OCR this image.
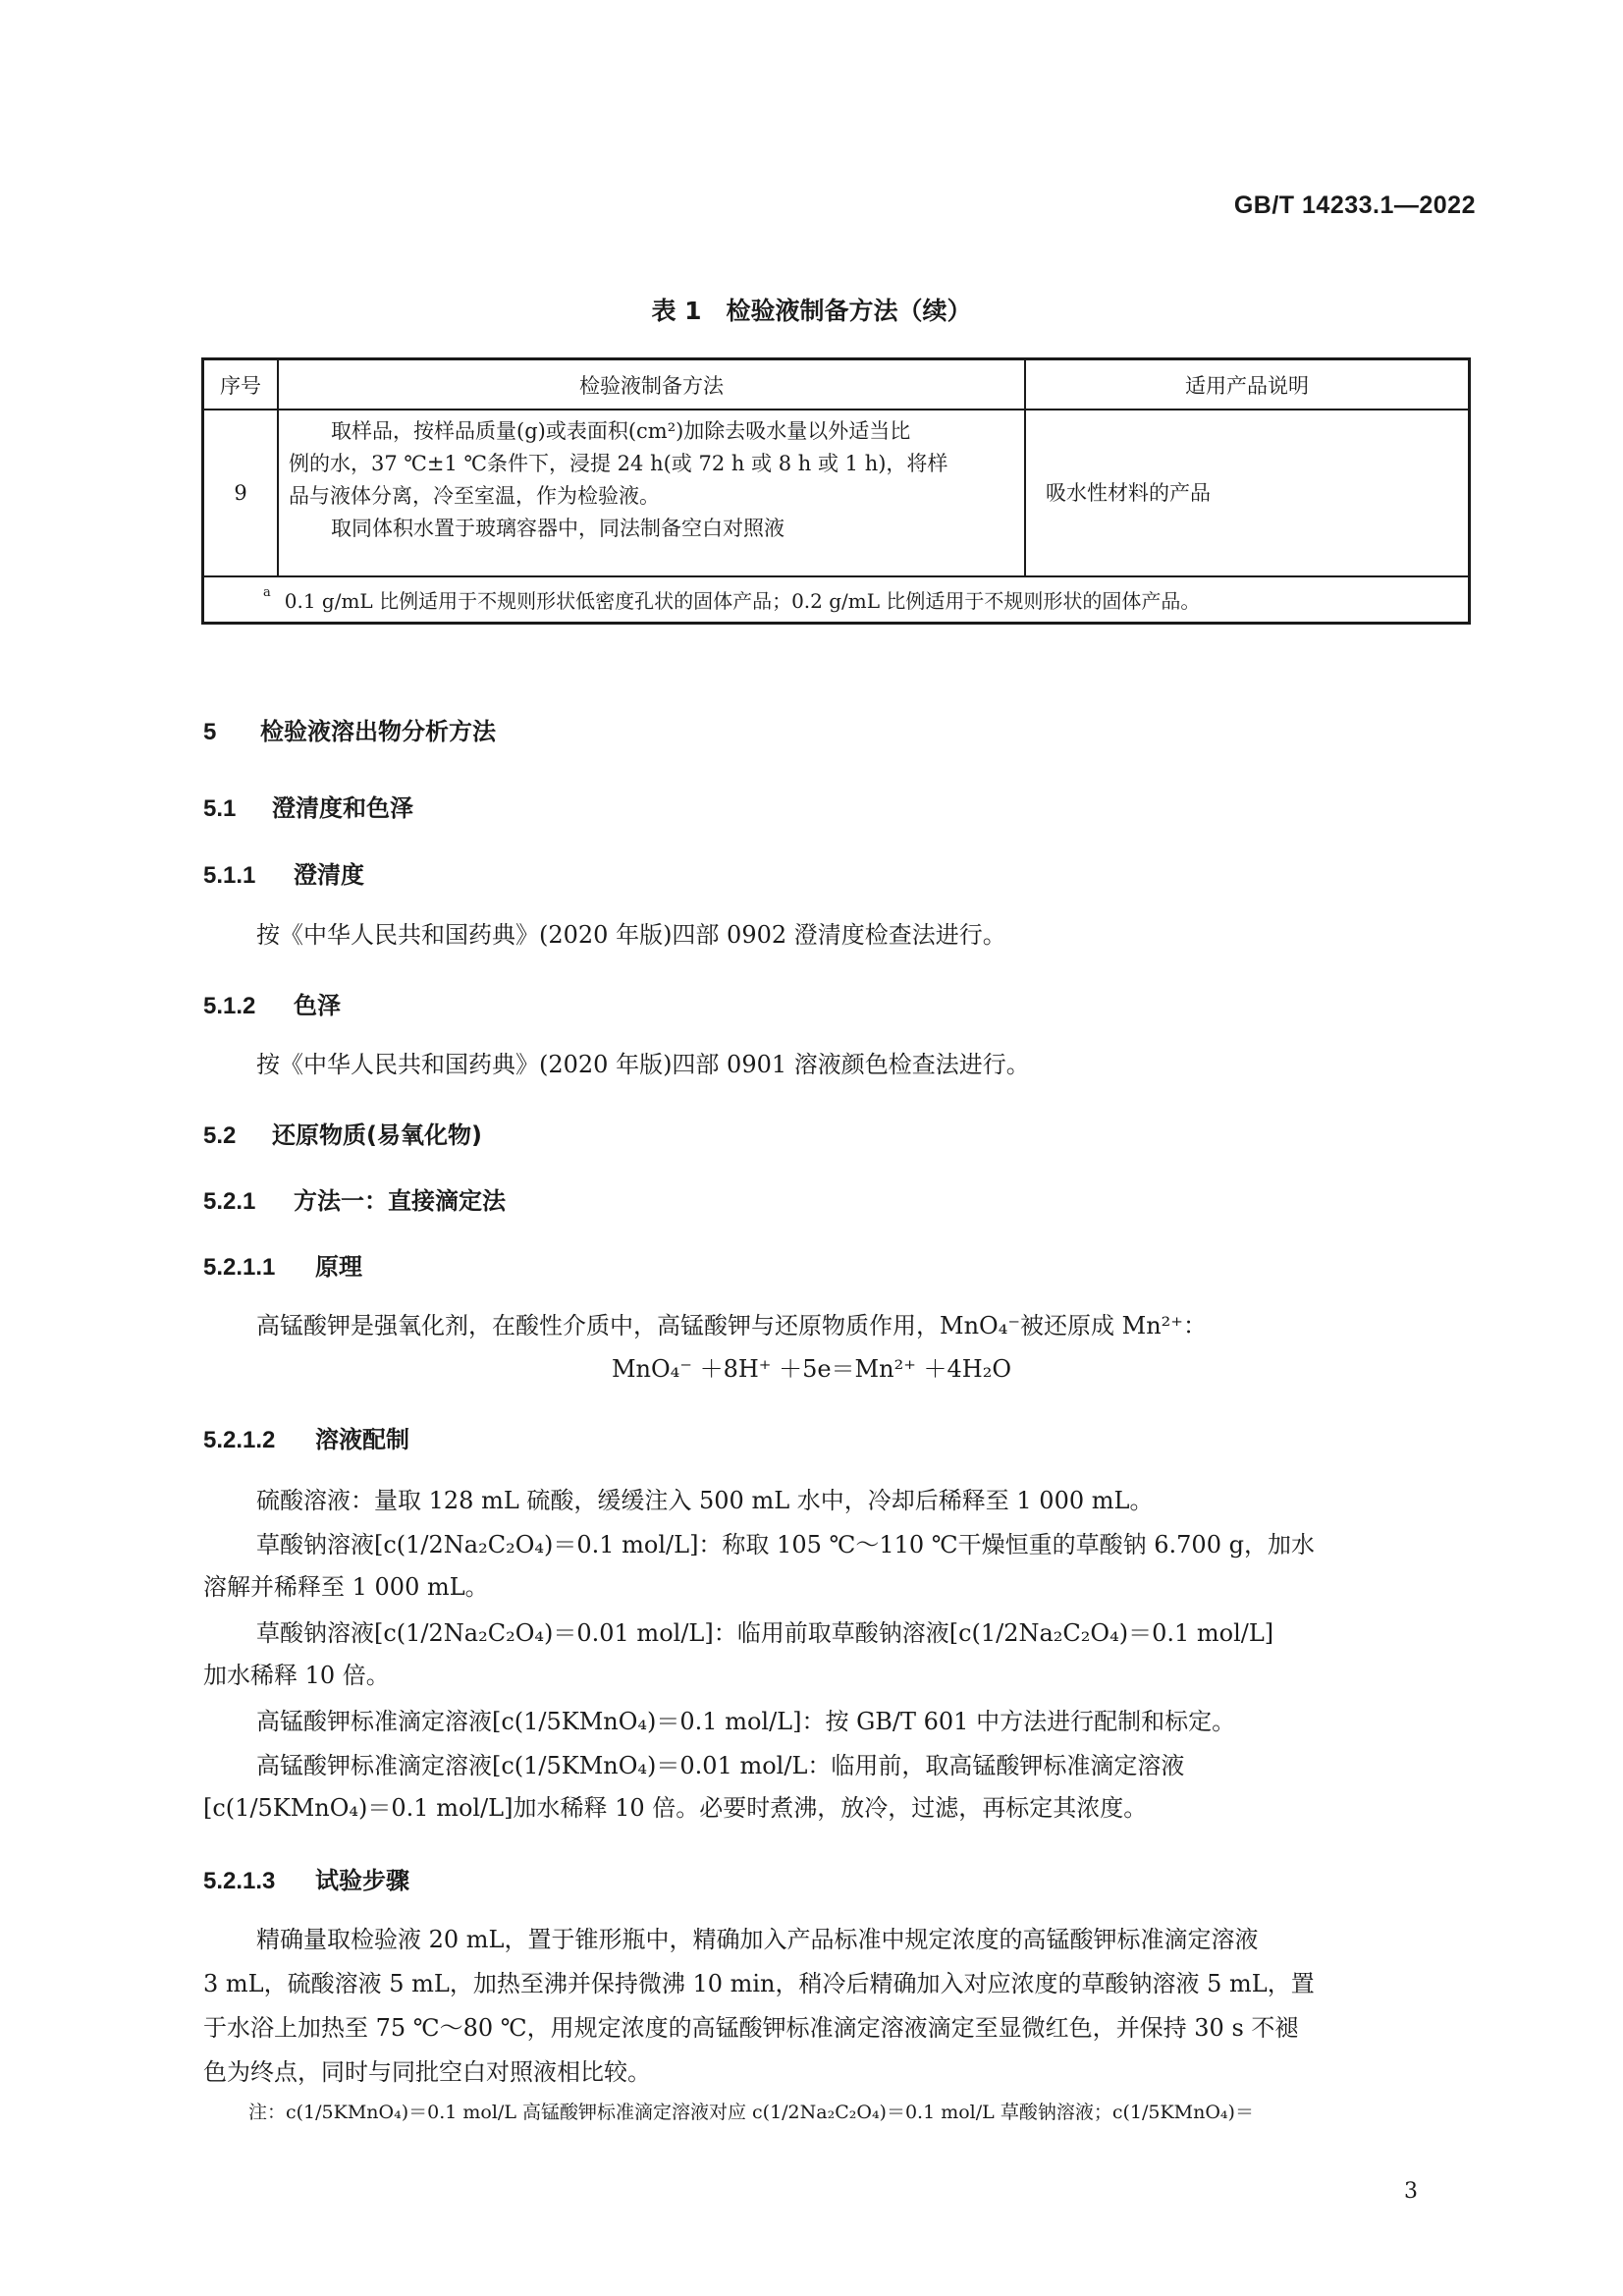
GB/T 14233.1—2022
表 1　检验液制备方法（续）
序号	检验液制备方法	适用产品说明
9
取样品，按样品质量(g)或表面积(cm²)加除去吸水量以外适当比
例的水，37 ℃±1 ℃条件下，浸提 24 h(或 72 h 或 8 h 或 1 h)，将样
品与液体分离，冷至室温，作为检验液。
取同体积水置于玻璃容器中，同法制备空白对照液
吸水性材料的产品
$^a$ 0.1 g/mL 比例适用于不规则形状低密度孔状的固体产品；0.2 g/mL 比例适用于不规则形状的固体产品。
5 检验液溶出物分析方法
5.1 澄清度和色泽
5.1.1 澄清度
按《中华人民共和国药典》(2020 年版)四部 0902 澄清度检查法进行。
5.1.2 色泽
按《中华人民共和国药典》(2020 年版)四部 0901 溶液颜色检查法进行。
5.2 还原物质(易氧化物)
5.2.1 方法一：直接滴定法
5.2.1.1 原理
高锰酸钾是强氧化剂，在酸性介质中，高锰酸钾与还原物质作用，MnO₄⁻被还原成 Mn²⁺：
MnO₄⁻ ＋8H⁺ ＋5e＝Mn²⁺ ＋4H₂O
5.2.1.2 溶液配制
硫酸溶液：量取 128 mL 硫酸，缓缓注入 500 mL 水中，冷却后稀释至 1 000 mL。
草酸钠溶液[c(1/2Na₂C₂O₄)＝0.1 mol/L]：称取 105 ℃～110 ℃干燥恒重的草酸钠 6.700 g，加水
溶解并稀释至 1 000 mL。
草酸钠溶液[c(1/2Na₂C₂O₄)＝0.01 mol/L]：临用前取草酸钠溶液[c(1/2Na₂C₂O₄)＝0.1 mol/L]
加水稀释 10 倍。
高锰酸钾标准滴定溶液[c(1/5KMnO₄)＝0.1 mol/L]：按 GB/T 601 中方法进行配制和标定。
高锰酸钾标准滴定溶液[c(1/5KMnO₄)＝0.01 mol/L：临用前，取高锰酸钾标准滴定溶液
[c(1/5KMnO₄)＝0.1 mol/L]加水稀释 10 倍。必要时煮沸，放冷，过滤，再标定其浓度。
5.2.1.3 试验步骤
精确量取检验液 20 mL，置于锥形瓶中，精确加入产品标准中规定浓度的高锰酸钾标准滴定溶液
3 mL，硫酸溶液 5 mL，加热至沸并保持微沸 10 min，稍冷后精确加入对应浓度的草酸钠溶液 5 mL，置
于水浴上加热至 75 ℃～80 ℃，用规定浓度的高锰酸钾标准滴定溶液滴定至显微红色，并保持 30 s 不褪
色为终点，同时与同批空白对照液相比较。
注：c(1/5KMnO₄)＝0.1 mol/L 高锰酸钾标准滴定溶液对应 c(1/2Na₂C₂O₄)＝0.1 mol/L 草酸钠溶液；c(1/5KMnO₄)＝
3
